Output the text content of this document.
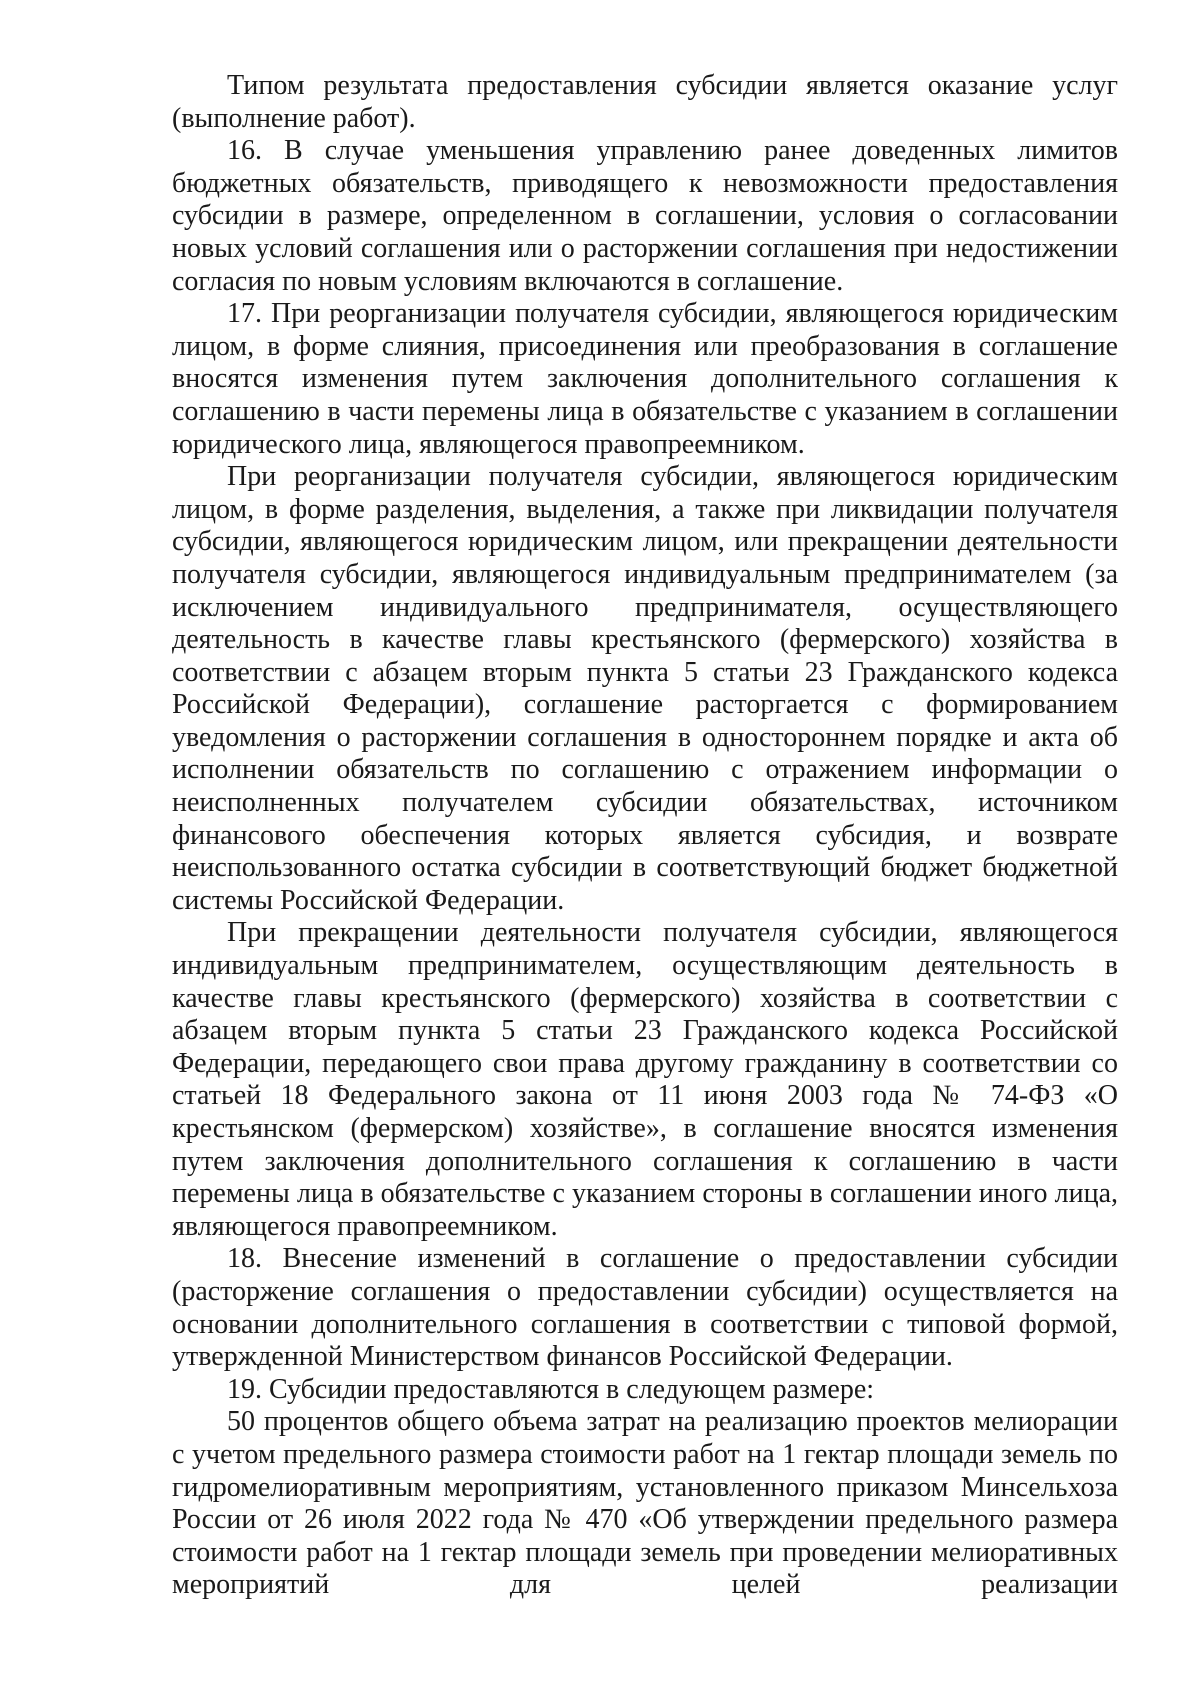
Типом результата предоставления субсидии является оказание услуг (выполнение работ).

16. В случае уменьшения управлению ранее доведенных лимитов бюджетных обязательств, приводящего к невозможности предоставления субсидии в размере, определенном в соглашении, условия о согласовании новых условий соглашения или о расторжении соглашения при недостижении согласия по новым условиям включаются в соглашение.

17. При реорганизации получателя субсидии, являющегося юридическим лицом, в форме слияния, присоединения или преобразования в соглашение вносятся изменения путем заключения дополнительного соглашения к соглашению в части перемены лица в обязательстве с указанием в соглашении юридического лица, являющегося правопреемником.

При реорганизации получателя субсидии, являющегося юридическим лицом, в форме разделения, выделения, а также при ликвидации получателя субсидии, являющегося юридическим лицом, или прекращении деятельности получателя субсидии, являющегося индивидуальным предпринимателем (за исключением индивидуального предпринимателя, осуществляющего деятельность в качестве главы крестьянского (фермерского) хозяйства в соответствии с абзацем вторым пункта 5 статьи 23 Гражданского кодекса Российской Федерации), соглашение расторгается с формированием уведомления о расторжении соглашения в одностороннем порядке и акта об исполнении обязательств по соглашению с отражением информации о неисполненных получателем субсидии обязательствах, источником финансового обеспечения которых является субсидия, и возврате неиспользованного остатка субсидии в соответствующий бюджет бюджетной системы Российской Федерации.

При прекращении деятельности получателя субсидии, являющегося индивидуальным предпринимателем, осуществляющим деятельность в качестве главы крестьянского (фермерского) хозяйства в соответствии с абзацем вторым пункта 5 статьи 23 Гражданского кодекса Российской Федерации, передающего свои права другому гражданину в соответствии со статьей 18 Федерального закона от 11 июня 2003 года № 74-ФЗ «О крестьянском (фермерском) хозяйстве», в соглашение вносятся изменения путем заключения дополнительного соглашения к соглашению в части перемены лица в обязательстве с указанием стороны в соглашении иного лица, являющегося правопреемником.

18. Внесение изменений в соглашение о предоставлении субсидии (расторжение соглашения о предоставлении субсидии) осуществляется на основании дополнительного соглашения в соответствии с типовой формой, утвержденной Министерством финансов Российской Федерации.

19. Субсидии предоставляются в следующем размере:

50 процентов общего объема затрат на реализацию проектов мелиорации с учетом предельного размера стоимости работ на 1 гектар площади земель по гидромелиоративным мероприятиям, установленного приказом Минсельхоза России от 26 июля 2022 года № 470 «Об утверждении предельного размера стоимости работ на 1 гектар площади земель при проведении мелиоративных мероприятий для целей реализации
